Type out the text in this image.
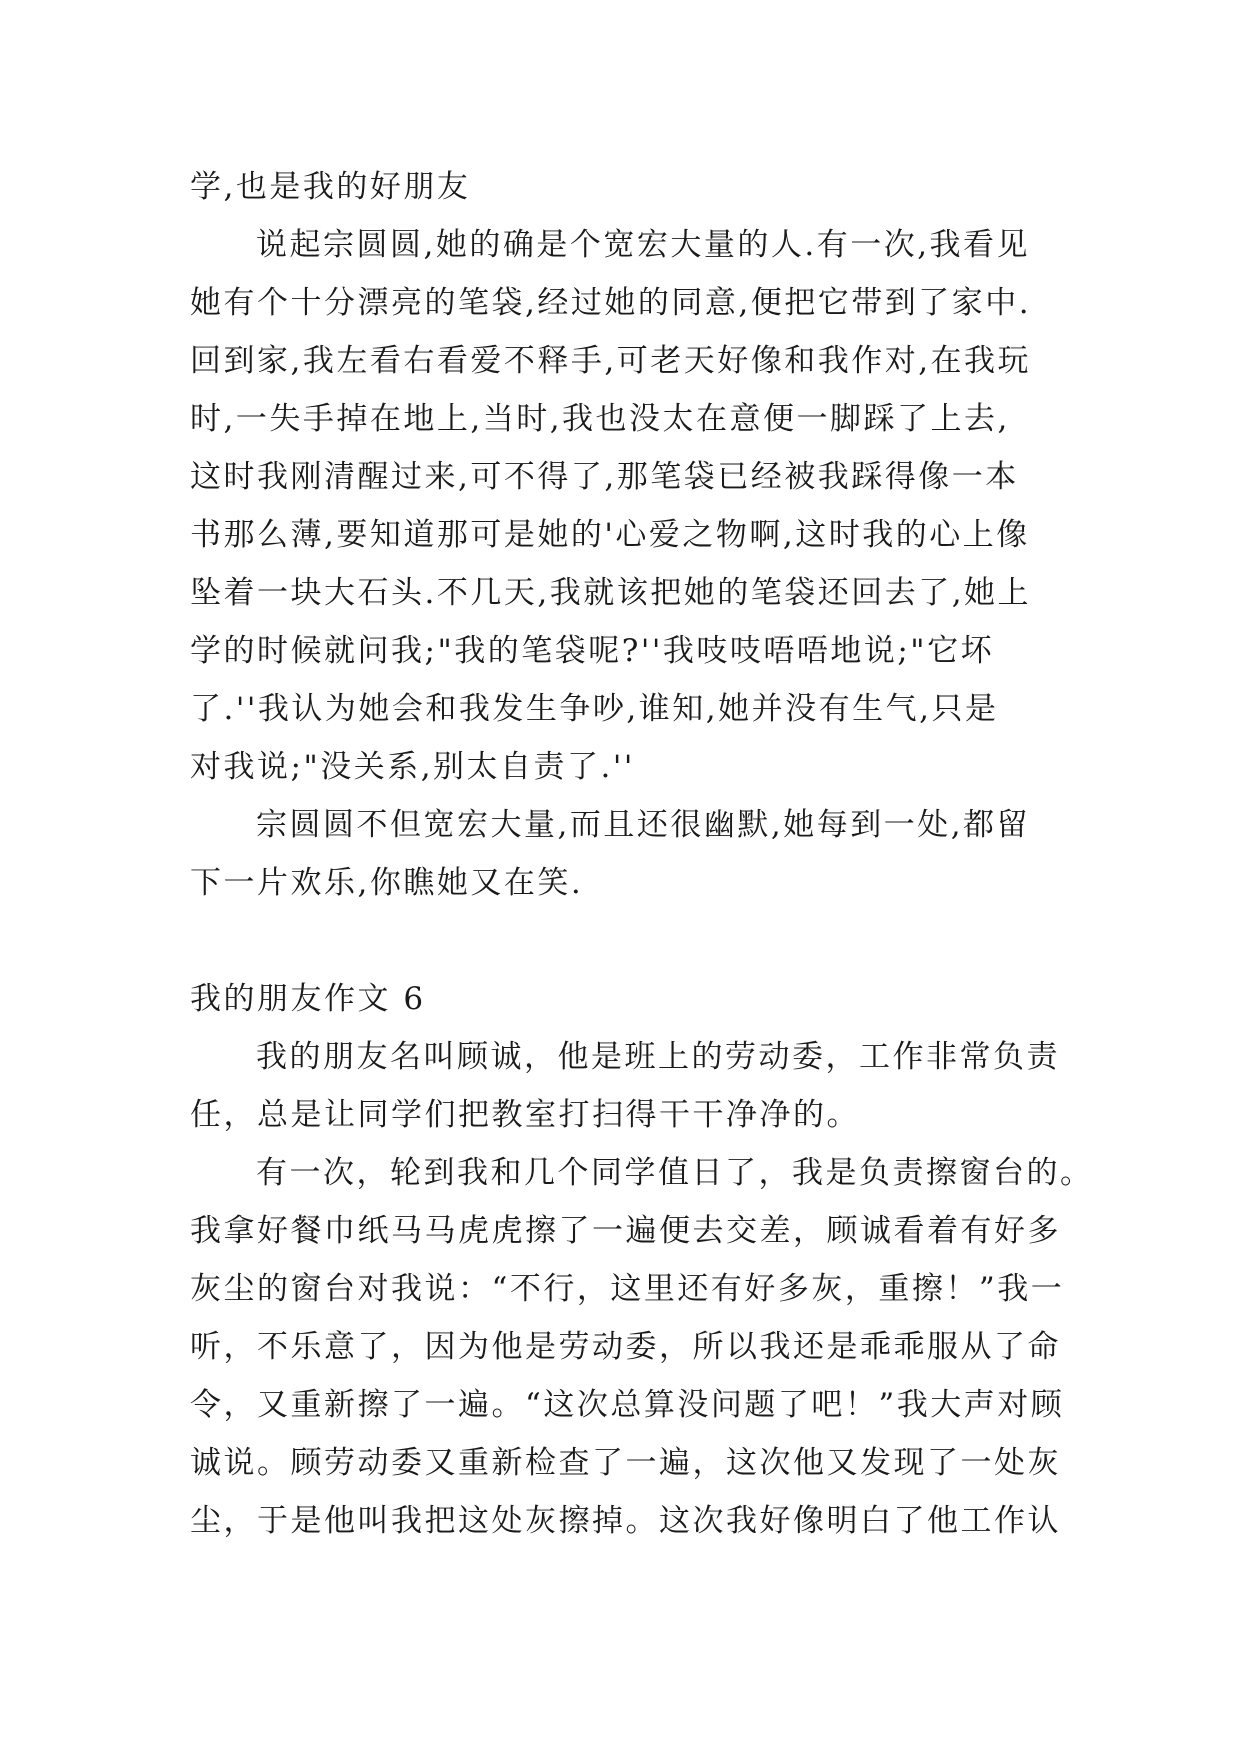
学,也是我的好朋友
说起宗圆圆,她的确是个宽宏大量的人.有一次,我看见
她有个十分漂亮的笔袋,经过她的同意,便把它带到了家中.
回到家,我左看右看爱不释手,可老天好像和我作对,在我玩
时,一失手掉在地上,当时,我也没太在意便一脚踩了上去,
这时我刚清醒过来,可不得了,那笔袋已经被我踩得像一本
书那么薄,要知道那可是她的'心爱之物啊,这时我的心上像
坠着一块大石头.不几天,我就该把她的笔袋还回去了,她上
学的时候就问我;"我的笔袋呢?''我吱吱唔唔地说;"它坏
了.''我认为她会和我发生争吵,谁知,她并没有生气,只是
对我说;"没关系,别太自责了.''
宗圆圆不但宽宏大量,而且还很幽默,她每到一处,都留
下一片欢乐,你瞧她又在笑.
我的朋友作文 6
我的朋友名叫顾诚，他是班上的劳动委，工作非常负责
任，总是让同学们把教室打扫得干干净净的。
有一次，轮到我和几个同学值日了，我是负责擦窗台的。
我拿好餐巾纸马马虎虎擦了一遍便去交差，顾诚看着有好多
灰尘的窗台对我说：“不行，这里还有好多灰，重擦！”我一
听，不乐意了，因为他是劳动委，所以我还是乖乖服从了命
令，又重新擦了一遍。“这次总算没问题了吧！”我大声对顾
诚说。顾劳动委又重新检查了一遍，这次他又发现了一处灰
尘，于是他叫我把这处灰擦掉。这次我好像明白了他工作认
